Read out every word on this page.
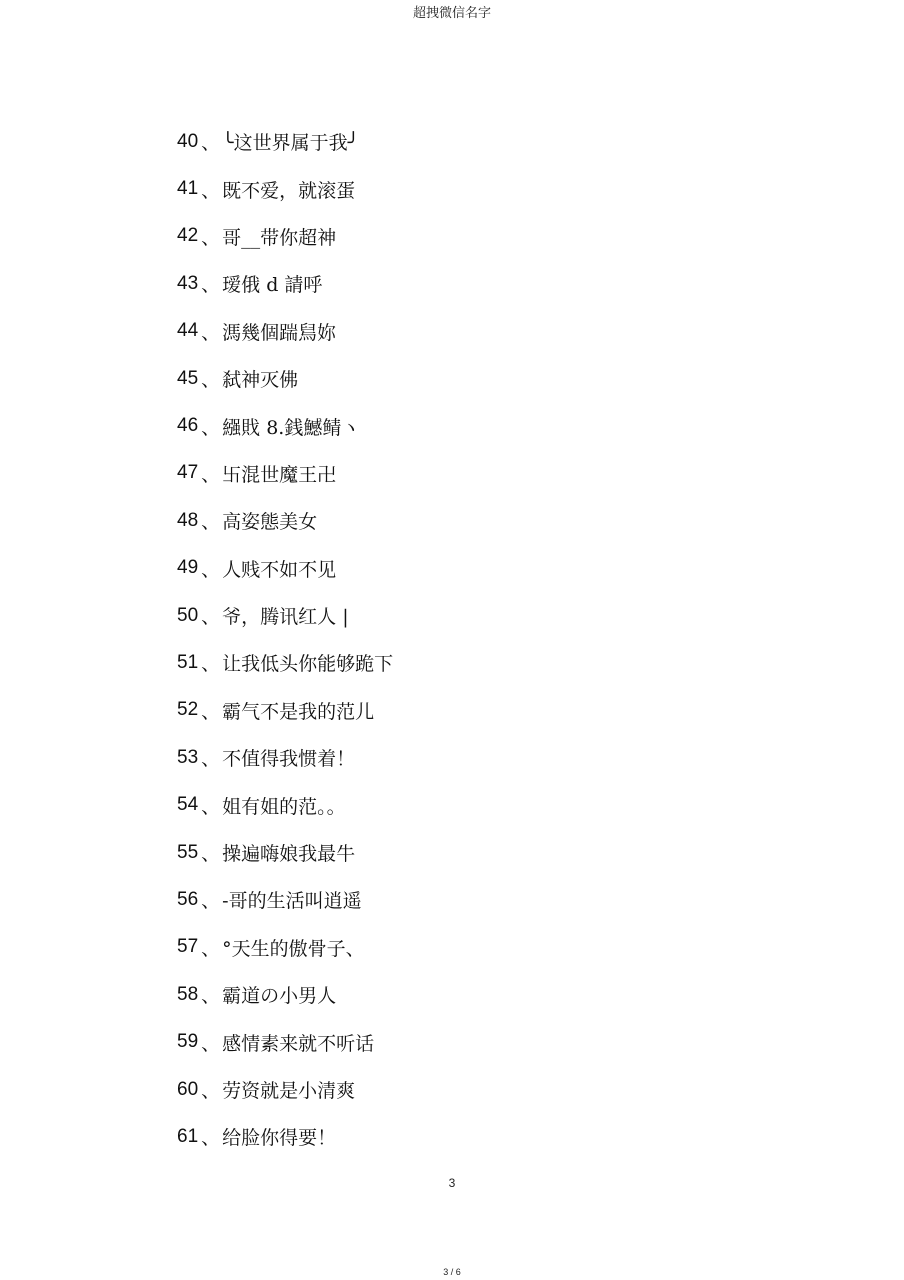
超拽微信名字
40 、 ╰这世界属于我╯
41 、 既不爱，就滚蛋
42 、 哥__带你超神
43 、 瑷俄 d 請呼
44 、 溤幾個踹舃妳
45 、 弑神灭佛
46 、 繦戝 8.銭鱤鲭ヽ
47 、 卐混世魔王卍
48 、 高姿態美女
49 、 人贱不如不见
50 、 爷，腾讯红人 |
51 、 让我低头你能够跪下
52 、 霸气不是我的范儿
53 、 不值得我惯着！
54 、 姐有姐的范。。
55 、 操遍嗨娘我最牛
56 、 -哥的生活叫逍遥
57 、 °天生的傲骨子、
58 、 霸道の小男人
59 、 感情素来就不听话
60 、 劳资就是小清爽
61 、 给脸你得要！
3
3 / 6
